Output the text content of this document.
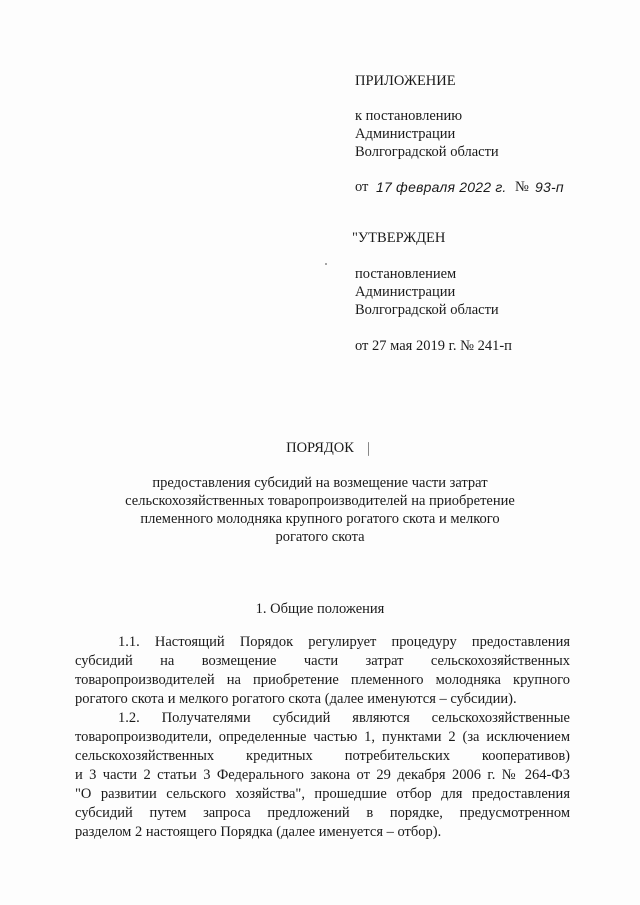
ПРИЛОЖЕНИЕ
к постановлению
Администрации
Волгоградской области
от 17 февраля 2022 г. № 93-п
"УТВЕРЖДЕН
постановлением
Администрации
Волгоградской области
от 27 мая 2019 г. № 241-п
ПОРЯДОК
предоставления субсидий на возмещение части затрат
сельскохозяйственных товаропроизводителей на приобретение
племенного молодняка крупного рогатого скота и мелкого
рогатого скота
1. Общие положения
1.1. Настоящий Порядок регулирует процедуру предоставления
субсидий на возмещение части затрат сельскохозяйственных
товаропроизводителей на приобретение племенного молодняка крупного
рогатого скота и мелкого рогатого скота (далее именуются – субсидии).
1.2. Получателями субсидий являются сельскохозяйственные
товаропроизводители, определенные частью 1, пунктами 2 (за исключением
сельскохозяйственных кредитных потребительских кооперативов)
и 3 части 2 статьи 3 Федерального закона от 29 декабря 2006 г. № 264-ФЗ
"О развитии сельского хозяйства", прошедшие отбор для предоставления
субсидий путем запроса предложений в порядке, предусмотренном
разделом 2 настоящего Порядка (далее именуется – отбор).
